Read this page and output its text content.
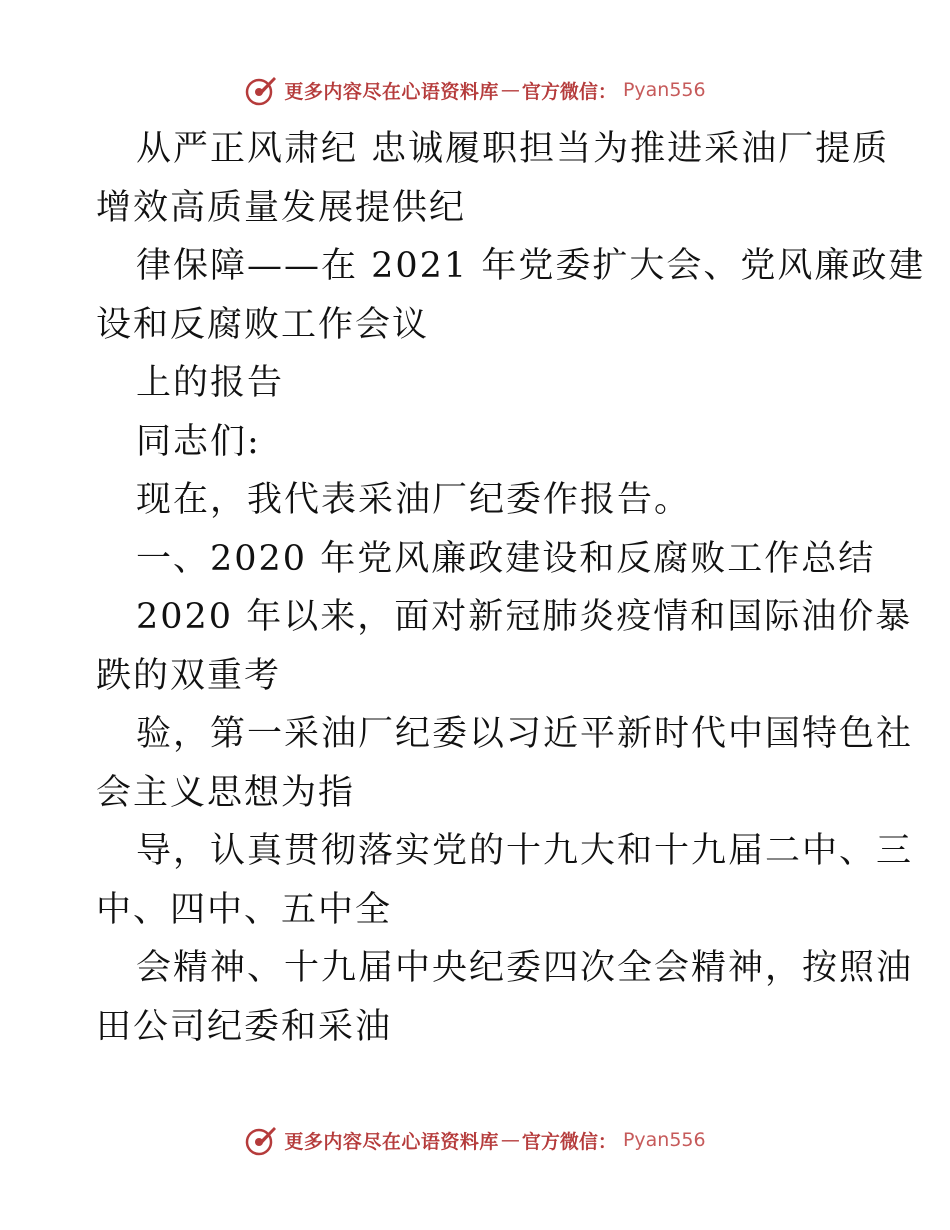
更多内容尽在心语资料库 — 官方微信： Pyan556
从严正风肃纪 忠诚履职担当为推进采油厂提质
增效高质量发展提供纪
律保障——在 2021 年党委扩大会、党风廉政建
设和反腐败工作会议
上的报告
同志们:
现在，我代表采油厂纪委作报告。
一、2020 年党风廉政建设和反腐败工作总结
2020 年以来，面对新冠肺炎疫情和国际油价暴
跌的双重考
验，第一采油厂纪委以习近平新时代中国特色社
会主义思想为指
导，认真贯彻落实党的十九大和十九届二中、三
中、四中、五中全
会精神、十九届中央纪委四次全会精神，按照油
田公司纪委和采油
更多内容尽在心语资料库 — 官方微信： Pyan556
